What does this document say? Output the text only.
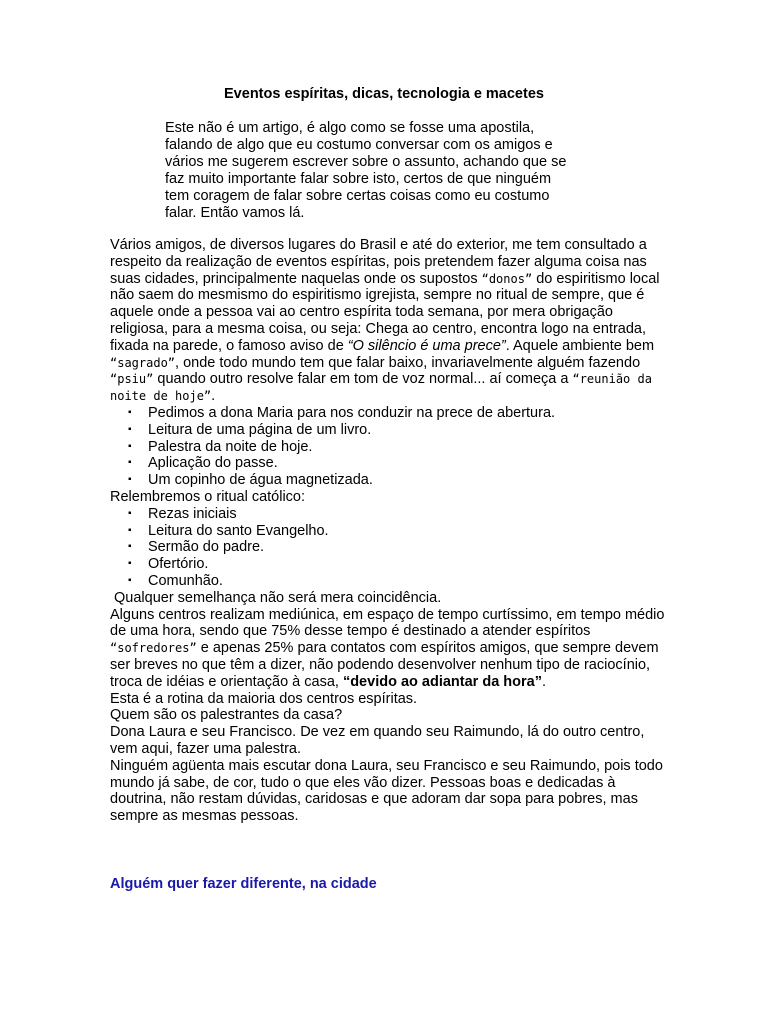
Eventos espíritas, dicas, tecnologia e macetes
Este não é um artigo, é algo como se fosse uma apostila,
falando de algo que eu costumo conversar com os amigos e
vários me sugerem escrever sobre o assunto, achando que se
faz muito importante falar sobre isto, certos de que ninguém
tem coragem de falar sobre certas coisas como eu costumo
falar. Então vamos lá.

Vários amigos, de diversos lugares do Brasil e até do exterior, me tem consultado a respeito da realização de eventos espíritas, pois pretendem fazer alguma coisa nas suas cidades, principalmente naquelas onde os supostos “donos” do espiritismo local não saem do mesmismo do espiritismo igrejista, sempre no ritual de sempre, que é aquele onde a pessoa vai ao centro espírita toda semana, por mera obrigação religiosa, para a mesma coisa, ou seja: Chega ao centro, encontra logo na entrada, fixada na parede, o famoso aviso de “O silêncio é uma prece”. Aquele ambiente bem “sagrado”, onde todo mundo tem que falar baixo, invariavelmente alguém fazendo “psiu” quando outro resolve falar em tom de voz normal... aí começa a “reunião da noite de hoje”.

▪ Pedimos a dona Maria para nos conduzir na prece de abertura.
▪ Leitura de uma página de um livro.
▪ Palestra da noite de hoje.
▪ Aplicação do passe.
▪ Um copinho de água magnetizada.

Relembremos o ritual católico:

▪ Rezas iniciais
▪ Leitura do santo Evangelho.
▪ Sermão do padre.
▪ Ofertório.
▪ Comunhão.

Qualquer semelhança não será mera coincidência.

Alguns centros realizam mediúnica, em espaço de tempo curtíssimo, em tempo médio de uma hora, sendo que 75% desse tempo é destinado a atender espíritos “sofredores” e apenas 25% para contatos com espíritos amigos, que sempre devem ser breves no que têm a dizer, não podendo desenvolver nenhum tipo de raciocínio, troca de idéias e orientação à casa, “devido ao adiantar da hora”.

Esta é a rotina da maioria dos centros espíritas.

Quem são os palestrantes da casa?

Dona Laura e seu Francisco. De vez em quando seu Raimundo, lá do outro centro, vem aqui, fazer uma palestra.

Ninguém agüenta mais escutar dona Laura, seu Francisco e seu Raimundo, pois todo mundo já sabe, de cor, tudo o que eles vão dizer. Pessoas boas e dedicadas à doutrina, não restam dúvidas, caridosas e que adoram dar sopa para pobres, mas sempre as mesmas pessoas.

Alguém quer fazer diferente, na cidade
